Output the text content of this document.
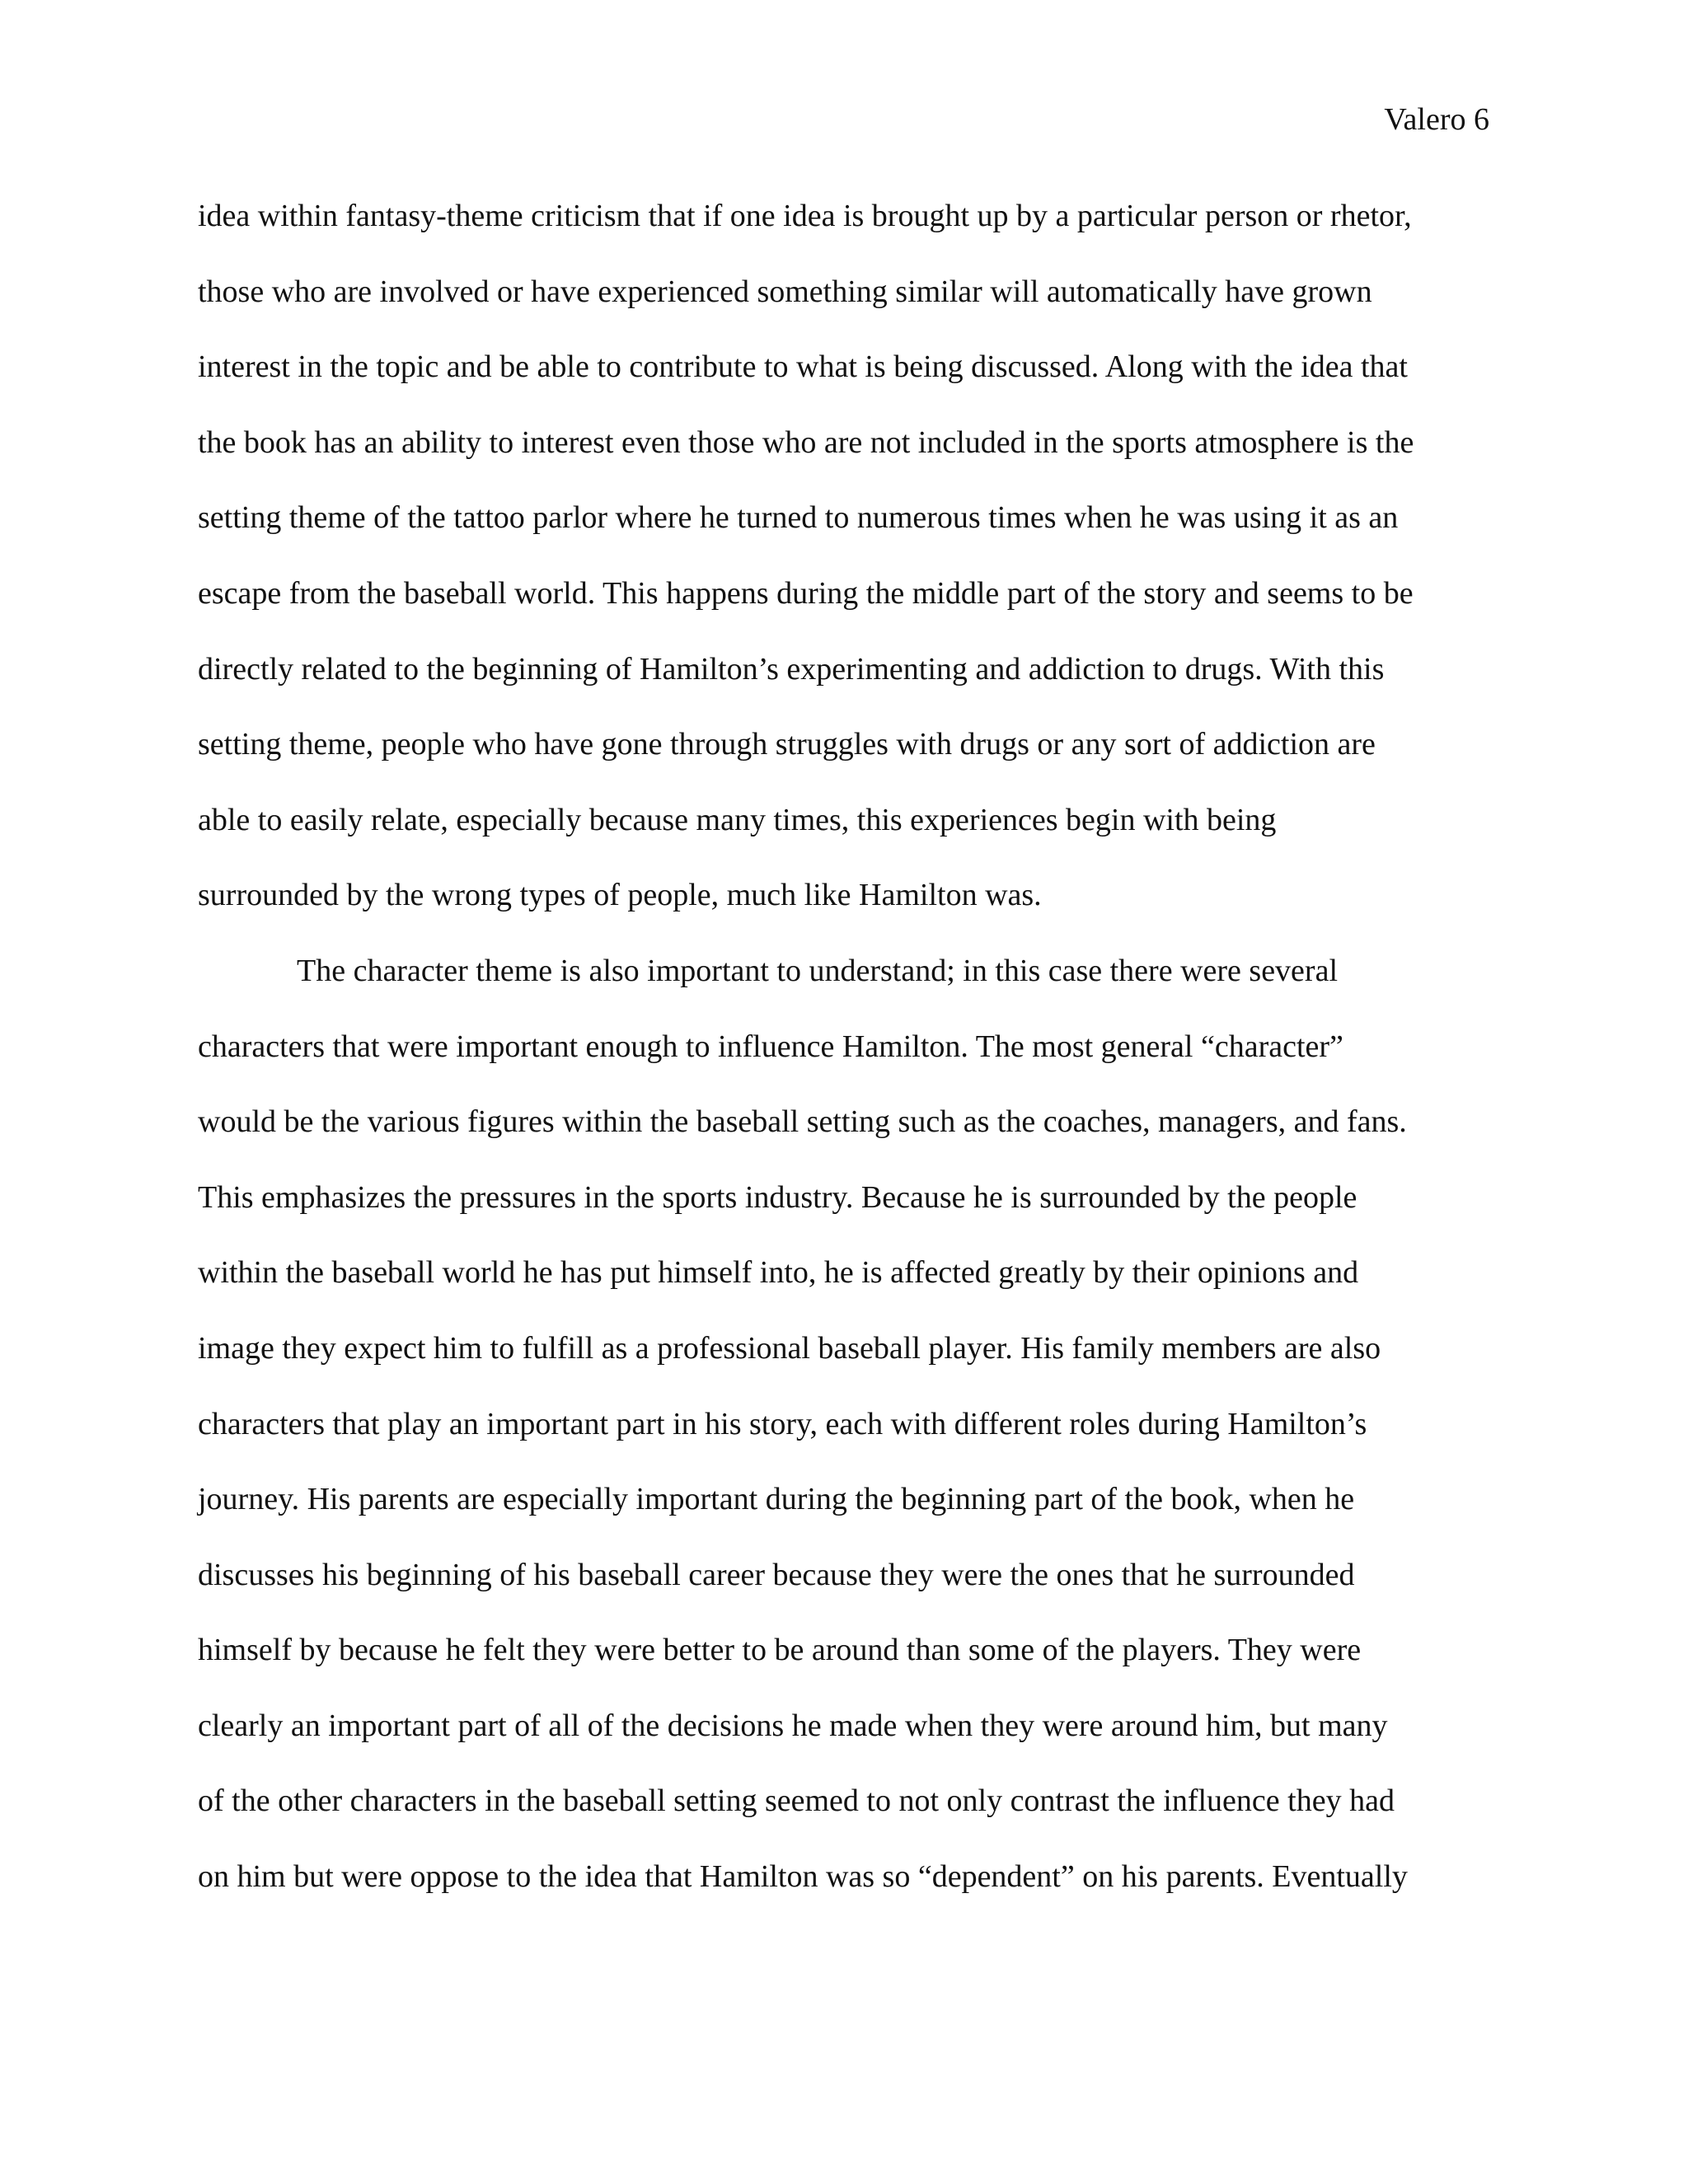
Valero 6
idea within fantasy-theme criticism that if one idea is brought up by a particular person or rhetor,
those who are involved or have experienced something similar will automatically have grown
interest in the topic and be able to contribute to what is being discussed. Along with the idea that
the book has an ability to interest even those who are not included in the sports atmosphere is the
setting theme of the tattoo parlor where he turned to numerous times when he was using it as an
escape from the baseball world. This happens during the middle part of the story and seems to be
directly related to the beginning of Hamilton’s experimenting and addiction to drugs. With this
setting theme, people who have gone through struggles with drugs or any sort of addiction are
able to easily relate, especially because many times, this experiences begin with being
surrounded by the wrong types of people, much like Hamilton was.
The character theme is also important to understand; in this case there were several
characters that were important enough to influence Hamilton. The most general “character”
would be the various figures within the baseball setting such as the coaches, managers, and fans.
This emphasizes the pressures in the sports industry. Because he is surrounded by the people
within the baseball world he has put himself into, he is affected greatly by their opinions and
image they expect him to fulfill as a professional baseball player. His family members are also
characters that play an important part in his story, each with different roles during Hamilton’s
journey. His parents are especially important during the beginning part of the book, when he
discusses his beginning of his baseball career because they were the ones that he surrounded
himself by because he felt they were better to be around than some of the players. They were
clearly an important part of all of the decisions he made when they were around him, but many
of the other characters in the baseball setting seemed to not only contrast the influence they had
on him but were oppose to the idea that Hamilton was so “dependent” on his parents. Eventually
